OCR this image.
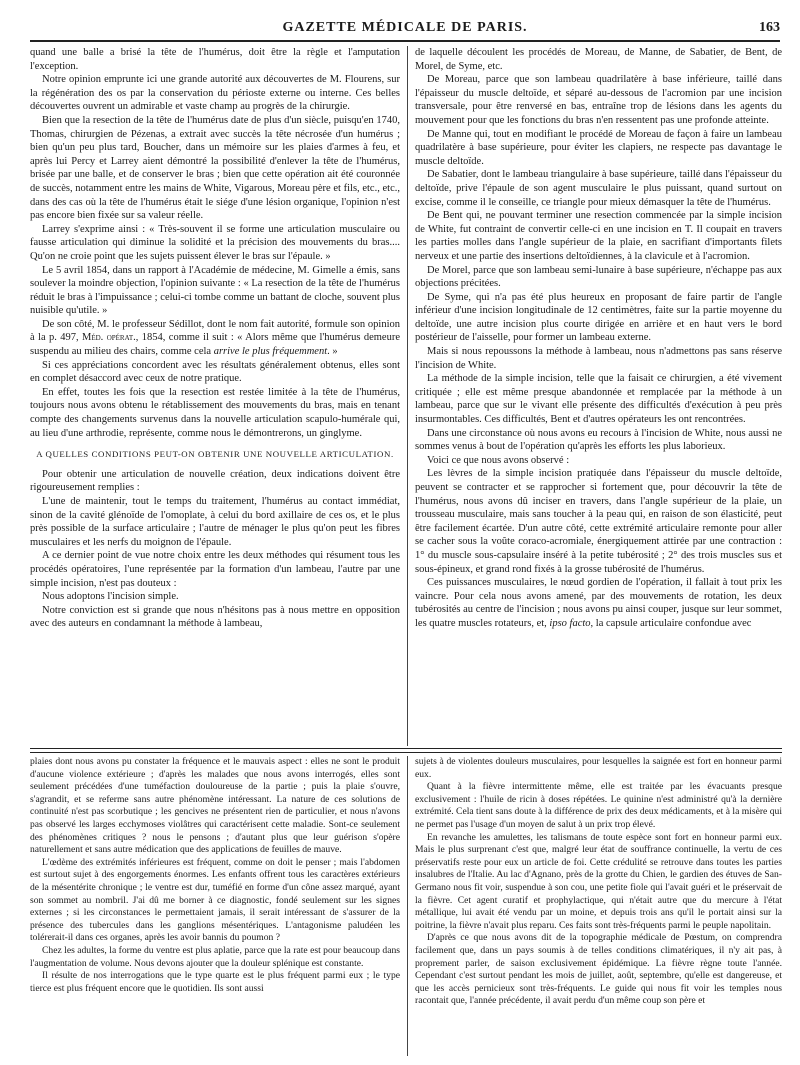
GAZETTE MÉDICALE DE PARIS.	163

quand une balle a brisé la tête de l'humérus, doit être la règle et l'amputation l'exception.

Notre opinion emprunte ici une grande autorité aux découvertes de M. Flourens, sur la régénération des os par la conservation du périoste externe ou interne. Ces belles découvertes ouvrent un admirable et vaste champ au progrès de la chirurgie.

Bien que la resection de la tête de l'humérus date de plus d'un siècle, puisqu'en 1740, Thomas, chirurgien de Pézenas, a extrait avec succès la tête nécrosée d'un humérus ; bien qu'un peu plus tard, Boucher, dans un mémoire sur les plaies d'armes à feu, et après lui Percy et Larrey aient démontré la possibilité d'enlever la tête de l'humérus, brisée par une balle, et de conserver le bras ; bien que cette opération ait été couronnée de succès, notamment entre les mains de White, Vigarous, Moreau père et fils, etc., etc., dans des cas où la tête de l'humérus était le siége d'une lésion organique, l'opinion n'est pas encore bien fixée sur sa valeur réelle.

Larrey s'exprime ainsi : « Très-souvent il se forme une articulation musculaire ou fausse articulation qui diminue la solidité et la précision des mouvements du bras.... Qu'on ne croie point que les sujets puissent élever le bras sur l'épaule. »

Le 5 avril 1854, dans un rapport à l'Académie de médecine, M. Gimelle a émis, sans soulever la moindre objection, l'opinion suivante : « La resection de la tête de l'humérus réduit le bras à l'impuissance ; celui-ci tombe comme un battant de cloche, souvent plus nuisible qu'utile. »

De son côté, M. le professeur Sédillot, dont le nom fait autorité, formule son opinion à la p. 497, Méd. opérat., 1854, comme il suit : « Alors même que l'humérus demeure suspendu au milieu des chairs, comme cela arrive le plus fréquemment. »

Si ces appréciations concordent avec les résultats généralement obtenus, elles sont en complet désaccord avec ceux de notre pratique.

En effet, toutes les fois que la resection est restée limitée à la tête de l'humérus, toujours nous avons obtenu le rétablissement des mouvements du bras, mais en tenant compte des changements survenus dans la nouvelle articulation scapulo-humérale qui, au lieu d'une arthrodie, représente, comme nous le démontrerons, un ginglyme.

A QUELLES CONDITIONS PEUT-ON OBTENIR UNE NOUVELLE ARTICULATION.

Pour obtenir une articulation de nouvelle création, deux indications doivent être rigoureusement remplies :

L'une de maintenir, tout le temps du traitement, l'humérus au contact immédiat, sinon de la cavité glénoïde de l'omoplate, à celui du bord axillaire de ces os, et le plus près possible de la surface articulaire ; l'autre de ménager le plus qu'on peut les fibres musculaires et les nerfs du moignon de l'épaule.

A ce dernier point de vue notre choix entre les deux méthodes qui résument tous les procédés opératoires, l'une représentée par la formation d'un lambeau, l'autre par une simple incision, n'est pas douteux :

Nous adoptons l'incision simple.

Notre conviction est si grande que nous n'hésitons pas à nous mettre en opposition avec des auteurs en condamnant la méthode à lambeau,

de laquelle découlent les procédés de Moreau, de Manne, de Sabatier, de Bent, de Morel, de Syme, etc.

De Moreau, parce que son lambeau quadrilatère à base inférieure, taillé dans l'épaisseur du muscle deltoïde, et séparé au-dessous de l'acromion par une incision transversale, pour être renversé en bas, entraîne trop de lésions dans les agents du mouvement pour que les fonctions du bras n'en ressentent pas une profonde atteinte.

De Manne qui, tout en modifiant le procédé de Moreau de façon à faire un lambeau quadrilatère à base supérieure, pour éviter les clapiers, ne respecte pas davantage le muscle deltoïde.

De Sabatier, dont le lambeau triangulaire à base supérieure, taillé dans l'épaisseur du deltoïde, prive l'épaule de son agent musculaire le plus puissant, quand surtout on excise, comme il le conseille, ce triangle pour mieux démasquer la tête de l'humérus.

De Bent qui, ne pouvant terminer une resection commencée par la simple incision de White, fut contraint de convertir celle-ci en une incision en T. Il coupait en travers les parties molles dans l'angle supérieur de la plaie, en sacrifiant d'importants filets nerveux et une partie des insertions deltoïdiennes, à la clavicule et à l'acromion.

De Morel, parce que son lambeau semi-lunaire à base supérieure, n'échappe pas aux objections précitées.

De Syme, qui n'a pas été plus heureux en proposant de faire partir de l'angle inférieur d'une incision longitudinale de 12 centimètres, faite sur la partie moyenne du deltoïde, une autre incision plus courte dirigée en arrière et en haut vers le bord postérieur de l'aisselle, pour former un lambeau externe.

Mais si nous repoussons la méthode à lambeau, nous n'admettons pas sans réserve l'incision de White.

La méthode de la simple incision, telle que la faisait ce chirurgien, a été vivement critiquée ; elle est même presque abandonnée et remplacée par la méthode à un lambeau, parce que sur le vivant elle présente des difficultés d'exécution à peu près insurmontables. Ces difficultés, Bent et d'autres opérateurs les ont rencontrées.

Dans une circonstance où nous avons eu recours à l'incision de White, nous aussi ne sommes venus à bout de l'opération qu'après les efforts les plus laborieux.

Voici ce que nous avons observé :

Les lèvres de la simple incision pratiquée dans l'épaisseur du muscle deltoïde, peuvent se contracter et se rapprocher si fortement que, pour découvrir la tête de l'humérus, nous avons dû inciser en travers, dans l'angle supérieur de la plaie, un trousseau musculaire, mais sans toucher à la peau qui, en raison de son élasticité, peut être facilement écartée. D'un autre côté, cette extrémité articulaire remonte pour aller se cacher sous la voûte coraco-acromiale, énergiquement attirée par une contraction : 1° du muscle sous-capsulaire inséré à la petite tubérosité ; 2° des trois muscles sus et sous-épineux, et grand rond fixés à la grosse tubérosité de l'humérus.

Ces puissances musculaires, le nœud gordien de l'opération, il fallait à tout prix les vaincre. Pour cela nous avons amené, par des mouvements de rotation, les deux tubérosités au centre de l'incision ; nous avons pu ainsi couper, jusque sur leur sommet, les quatre muscles rotateurs, et, ipso facto, la capsule articulaire confondue avec

plaies dont nous avons pu constater la fréquence et le mauvais aspect : elles ne sont le produit d'aucune violence extérieure ; d'après les malades que nous avons interrogés, elles sont seulement précédées d'une tuméfaction douloureuse de la partie ; puis la plaie s'ouvre, s'agrandit, et se referme sans autre phénomène intéressant. La nature de ces solutions de continuité n'est pas scorbutique ; les gencives ne présentent rien de particulier, et nous n'avons pas observé les larges ecchymoses violâtres qui caractérisent cette maladie. Sont-ce seulement des phénomènes critiques ? nous le pensons ; d'autant plus que leur guérison s'opère naturellement et sans autre médication que des applications de feuilles de mauve.

L'œdème des extrémités inférieures est fréquent, comme on doit le penser ; mais l'abdomen est surtout sujet à des engorgements énormes. Les enfants offrent tous les caractères extérieurs de la mésentérite chronique ; le ventre est dur, tuméfié en forme d'un cône assez marqué, ayant son sommet au nombril. J'ai dû me borner à ce diagnostic, fondé seulement sur les signes externes ; si les circonstances le permettaient jamais, il serait intéressant de s'assurer de la présence des tubercules dans les ganglions mésentériques. L'antagonisme paludéen les tolérerait-il dans ces organes, après les avoir bannis du poumon ?

Chez les adultes, la forme du ventre est plus aplatie, parce que la rate est pour beaucoup dans l'augmentation de volume. Nous devons ajouter que la douleur splénique est constante.

Il résulte de nos interrogations que le type quarte est le plus fréquent parmi eux ; le type tierce est plus fréquent encore que le quotidien. Ils sont aussi

sujets à de violentes douleurs musculaires, pour lesquelles la saignée est fort en honneur parmi eux.

Quant à la fièvre intermittente même, elle est traitée par les évacuants presque exclusivement : l'huile de ricin à doses répétées. Le quinine n'est administré qu'à la dernière extrémité. Cela tient sans doute à la différence de prix des deux médicaments, et à la misère qui ne permet pas l'usage d'un moyen de salut à un prix trop élevé.

En revanche les amulettes, les talismans de toute espèce sont fort en honneur parmi eux. Mais le plus surprenant c'est que, malgré leur état de souffrance continuelle, la vertu de ces préservatifs reste pour eux un article de foi. Cette crédulité se retrouve dans toutes les parties insalubres de l'Italie. Au lac d'Agnano, près de la grotte du Chien, le gardien des étuves de San-Germano nous fit voir, suspendue à son cou, une petite fiole qui l'avait guéri et le préservait de la fièvre. Cet agent curatif et prophylactique, qui n'était autre que du mercure à l'état métallique, lui avait été vendu par un moine, et depuis trois ans qu'il le portait ainsi sur la poitrine, la fièvre n'avait plus reparu. Ces faits sont très-fréquents parmi le peuple napolitain.

D'après ce que nous avons dit de la topographie médicale de Pœstum, on comprendra facilement que, dans un pays soumis à de telles conditions climatériques, il n'y ait pas, à proprement parler, de saison exclusivement épidémique. La fièvre règne toute l'année. Cependant c'est surtout pendant les mois de juillet, août, septembre, qu'elle est dangereuse, et que les accès pernicieux sont très-fréquents. Le guide qui nous fit voir les temples nous racontait que, l'année précédente, il avait perdu d'un même coup son père et
